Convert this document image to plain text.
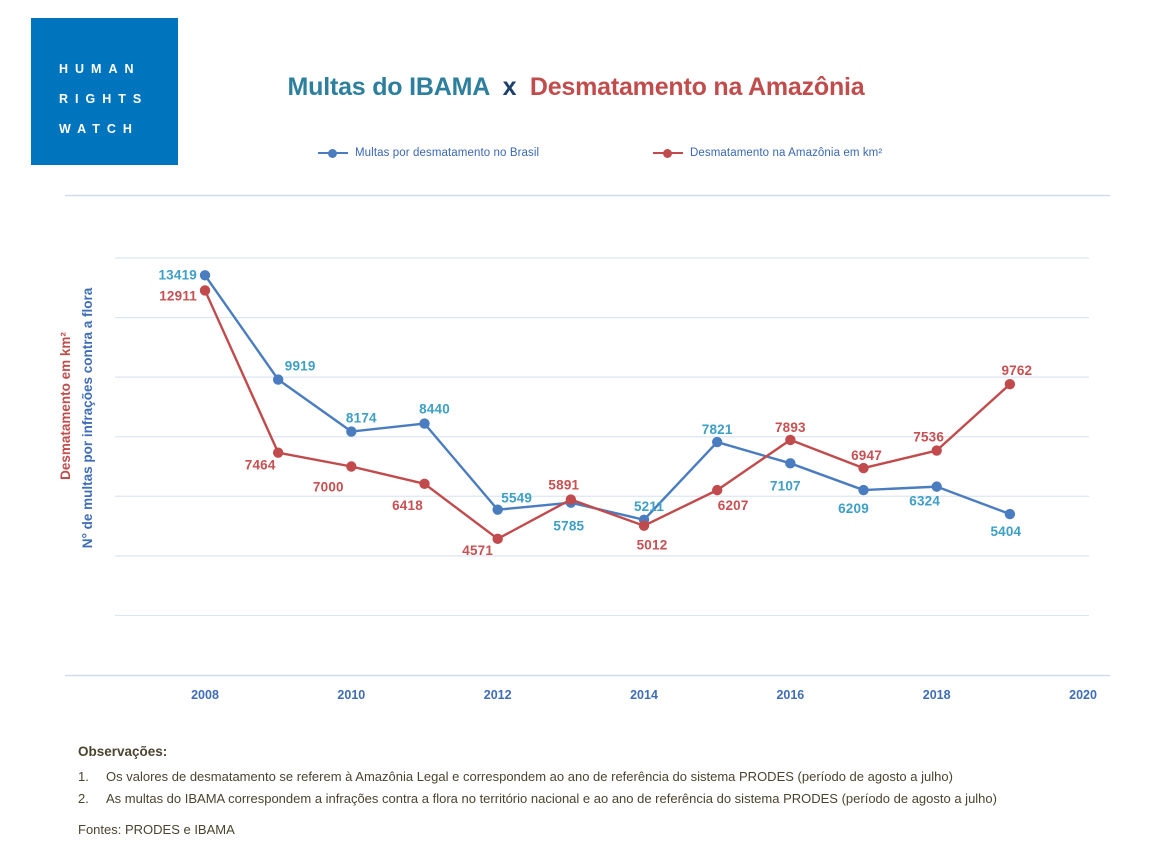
HUMAN
RIGHTS
WATCH
Multas do IBAMA x Desmatamento na Amazônia
Multas por desmatamento no Brasil	Desmatamento na Amazônia em km²
2008	2010	2012	2014	2016	2018	2020
Desmatamento em km² N° de multas por infrações contra a flora
13419
9919
8174
8440
5549
5785
5211
7821
7107
6209	6324
5404
12911
7464
7000
6418
4571
5891
5012
6207
7893
6947
7536
9762
Observações:
1.	Os valores de desmatamento se referem à Amazônia Legal e correspondem ao ano de referência do sistema PRODES (período de agosto a julho)
2.	As multas do IBAMA correspondem a infrações contra a flora no território nacional e ao ano de referência do sistema PRODES (período de agosto a julho)
Fontes: PRODES e IBAMA
